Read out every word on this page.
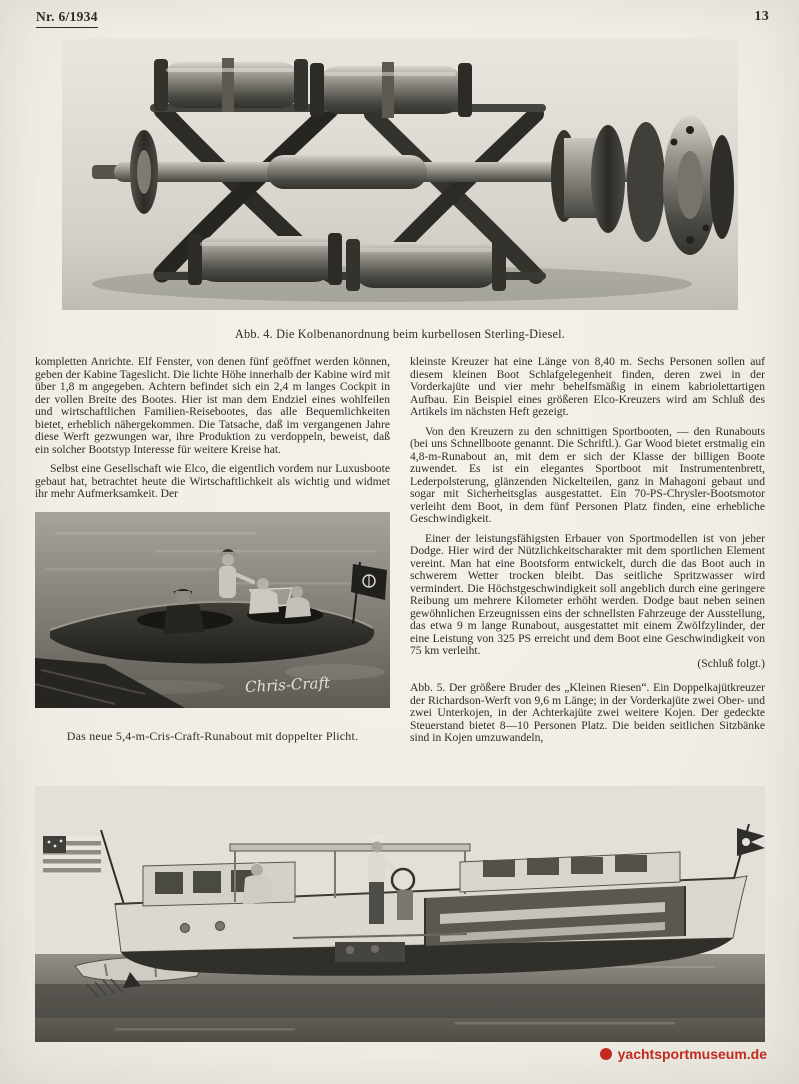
Nr. 6/1934	13
Abb. 4. Die Kolbenanordnung beim kurbellosen Sterling-Diesel.

kompletten Anrichte. Elf Fenster, von denen fünf geöffnet werden können, geben der Kabine Tageslicht. Die lichte Höhe innerhalb der Kabine wird mit über 1,8 m angegeben. Achtern befindet sich ein 2,4 m langes Cockpit in der vollen Breite des Bootes. Hier ist man dem Endziel eines wohlfeilen und wirtschaftlichen Familien-Reisebootes, das alle Bequemlichkeiten bietet, erheblich nähergekommen. Die Tatsache, daß im vergangenen Jahre diese Werft gezwungen war, ihre Produktion zu verdoppeln, beweist, daß ein solcher Bootstyp Interesse für weitere Kreise hat.

Selbst eine Gesellschaft wie Elco, die eigentlich vordem nur Luxusboote gebaut hat, betrachtet heute die Wirtschaftlichkeit als wichtig und widmet ihr mehr Aufmerksamkeit. Der

Chris-Craft
Das neue 5,4-m-Cris-Craft-Runabout mit doppelter Plicht.

kleinste Kreuzer hat eine Länge von 8,40 m. Sechs Personen sollen auf diesem kleinen Boot Schlafgelegenheit finden, deren zwei in der Vorderkajüte und vier mehr behelfsmäßig in einem kabriolettartigen Aufbau. Ein Beispiel eines größeren Elco-Kreuzers wird am Schluß des Artikels im nächsten Heft gezeigt.

Von den Kreuzern zu den schnittigen Sportbooten, — den Runabouts (bei uns Schnellboote genannt. Die Schriftl.). Gar Wood bietet erstmalig ein 4,8-m-Runabout an, mit dem er sich der Klasse der billigen Boote zuwendet. Es ist ein elegantes Sportboot mit Instrumentenbrett, Lederpolsterung, glänzenden Nickelteilen, ganz in Mahagoni gebaut und sogar mit Sicherheitsglas ausgestattet. Ein 70-PS-Chrysler-Bootsmotor verleiht dem Boot, in dem fünf Personen Platz finden, eine erhebliche Geschwindigkeit.

Einer der leistungsfähigsten Erbauer von Sportmodellen ist von jeher Dodge. Hier wird der Nützlichkeitscharakter mit dem sportlichen Element vereint. Man hat eine Bootsform entwickelt, durch die das Boot auch in schwerem Wetter trocken bleibt. Das seitliche Spritzwasser wird vermindert. Die Höchstgeschwindigkeit soll angeblich durch eine geringere Reibung um mehrere Kilometer erhöht werden. Dodge baut neben seinen gewöhnlichen Erzeugnissen eins der schnellsten Fahrzeuge der Ausstellung, das etwa 9 m lange Runabout, ausgestattet mit einem Zwölfzylinder, der eine Leistung von 325 PS erreicht und dem Boot eine Geschwindigkeit von 75 km verleiht.
(Schluß folgt.)

Abb. 5. Der größere Bruder des „Kleinen Riesen“. Ein Doppelkajütkreuzer der Richardson-Werft von 9,6 m Länge; in der Vorderkajüte zwei Ober- und zwei Unterkojen, in der Achterkajüte zwei weitere Kojen. Der gedeckte Steuerstand bietet 8—10 Personen Platz. Die beiden seitlichen Sitzbänke sind in Kojen umzuwandeln,

yachtsportmuseum.de
